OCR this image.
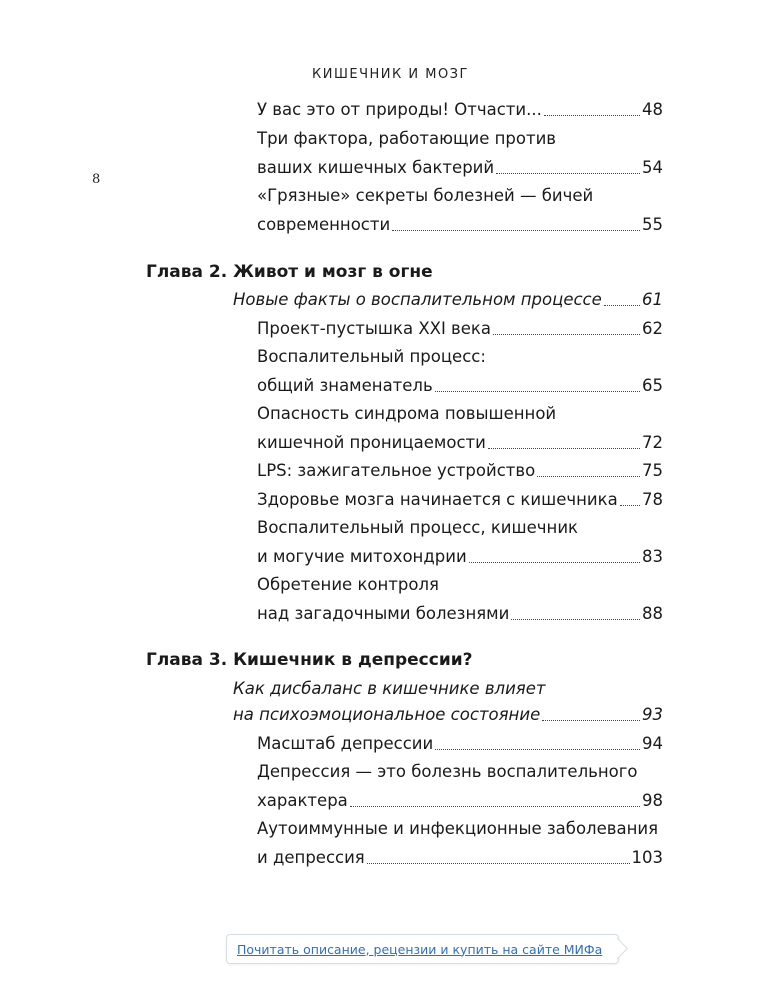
КИШЕЧНИК И МОЗГ
8
У вас это от природы! Отчасти...	48
Три фактора, работающие против
ваших кишечных бактерий	54
«Грязные» секреты болезней — бичей
современности	55
Глава 2. Живот и мозг в огне
Новые факты о воспалительном процессе 61
Проект-пустышка XXI века	62
Воспалительный процесс:
общий знаменатель	65
Опасность синдрома повышенной
кишечной проницаемости	72
LPS: зажигательное устройство	75
Здоровье мозга начинается с кишечника 78
Воспалительный процесс, кишечник
и могучие митохондрии	83
Обретение контроля
над загадочными болезнями	88
Глава 3. Кишечник в депрессии?
Как дисбаланс в кишечнике влияет
на психоэмоциональное состояние	93
Масштаб депрессии	94
Депрессия — это болезнь воспалительного
характера	98
Аутоиммунные и инфекционные заболевания
и депрессия	103
Почитать описание, рецензии и купить на сайте МИФа
